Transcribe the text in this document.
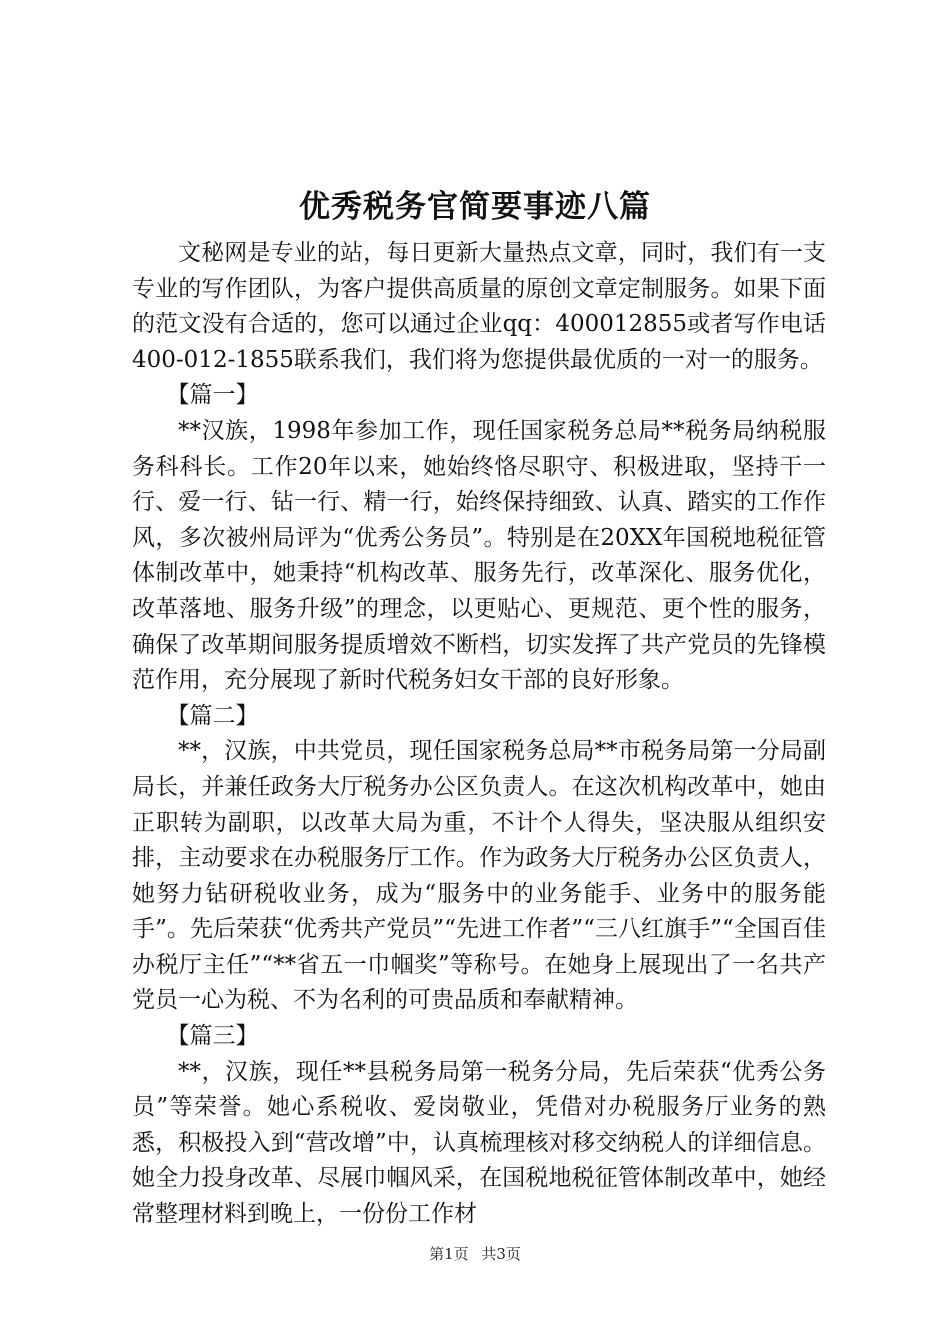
优秀税务官简要事迹八篇

文秘网是专业的站，每日更新大量热点文章，同时，我们有一支专业的写作团队，为客户提供高质量的原创文章定制服务。如果下面的范文没有合适的，您可以通过企业qq：400012855或者写作电话400-012-1855联系我们，我们将为您提供最优质的一对一的服务。

【篇一】

**汉族，1998年参加工作，现任国家税务总局**税务局纳税服务科科长。工作20年以来，她始终恪尽职守、积极进取，坚持干一行、爱一行、钻一行、精一行，始终保持细致、认真、踏实的工作作风，多次被州局评为“优秀公务员”。特别是在20XX年国税地税征管体制改革中，她秉持“机构改革、服务先行，改革深化、服务优化，改革落地、服务升级”的理念，以更贴心、更规范、更个性的服务，确保了改革期间服务提质增效不断档，切实发挥了共产党员的先锋模范作用，充分展现了新时代税务妇女干部的良好形象。

【篇二】

**，汉族，中共党员，现任国家税务总局**市税务局第一分局副局长，并兼任政务大厅税务办公区负责人。在这次机构改革中，她由正职转为副职，以改革大局为重，不计个人得失，坚决服从组织安排，主动要求在办税服务厅工作。作为政务大厅税务办公区负责人，她努力钻研税收业务，成为“服务中的业务能手、业务中的服务能手”。先后荣获“优秀共产党员”“先进工作者”“三八红旗手”“全国百佳办税厅主任”“**省五一巾帼奖”等称号。在她身上展现出了一名共产党员一心为税、不为名利的可贵品质和奉献精神。

【篇三】

**，汉族，现任**县税务局第一税务分局，先后荣获“优秀公务员”等荣誉。她心系税收、爱岗敬业，凭借对办税服务厅业务的熟悉，积极投入到“营改增”中，认真梳理核对移交纳税人的详细信息。她全力投身改革、尽展巾帼风采，在国税地税征管体制改革中，她经常整理材料到晚上，一份份工作材

第1页 共3页
